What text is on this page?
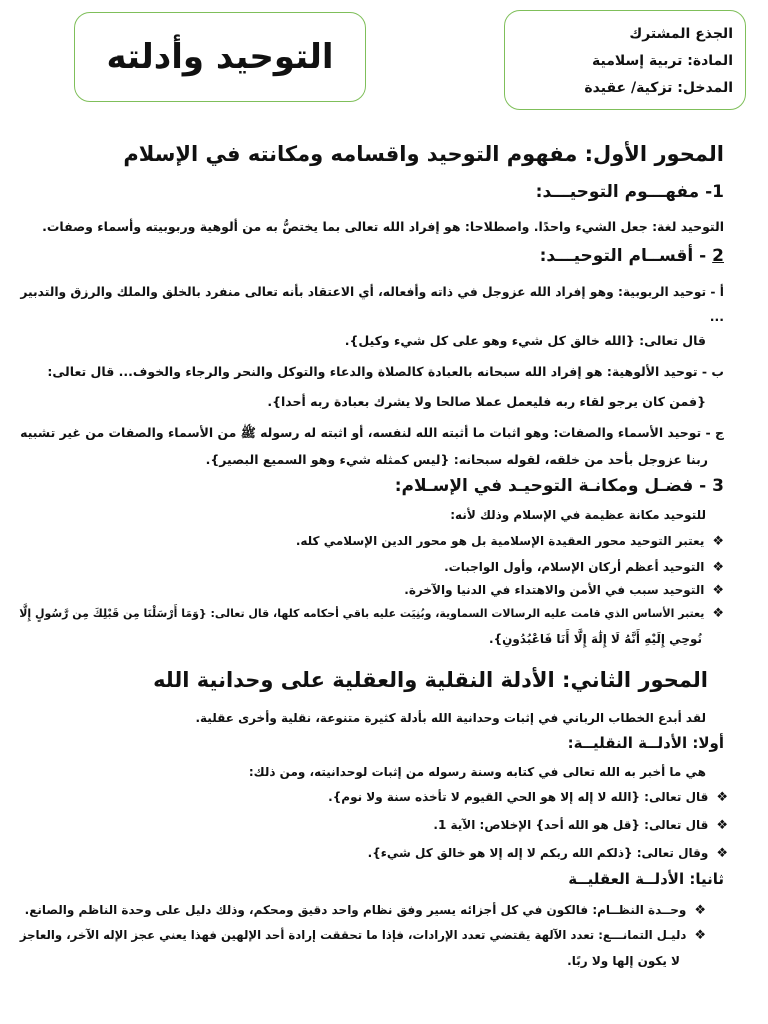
الجذع المشترك
المادة: تربية إسلامية
المدخل: تزكية/ عقيدة
التوحيد وأدلته
المحور الأول: مفهوم التوحيد واقسامه ومكانته في الإسلام
1- مفهـــوم التوحيـــد:
التوحيد لغة: جعل الشيء واحدًا. واصطلاحا: هو إفراد الله تعالى بما يختصُّ به من ألوهية وربوبيته وأسماء وصفات.
2 - أقســام التوحيـــد:
أ - توحيد الربوبية: وهو إفراد الله عزوجل في ذاته وأفعاله، أي الاعتقاد بأنه تعالى منفرد بالخلق والملك والرزق والتدبير
...
قال تعالى: {الله خالق كل شيء وهو على كل شيء وكيل}.
ب - توحيد الألوهية: هو إفراد الله سبحانه بالعبادة كالصلاة والدعاء والتوكل والنحر والرجاء والخوف... قال تعالى:
{فمن كان يرجو لقاء ربه فليعمل عملا صالحا ولا يشرك بعبادة ربه أحدا}.
ج - توحيد الأسماء والصفات: وهو اثبات ما أثبته الله لنفسه، أو اثبته له رسوله ﷺ من الأسماء والصفات من غير تشبيه
ربنا عزوجل بأحد من خلقه، لقوله سبحانه: {ليس كمثله شيء وهو السميع البصير}.
3 - فضـل ومكانـة التوحيـد في الإسـلام:
للتوحيد مكانة عظيمة في الإسلام وذلك لأنه:
❖يعتبر التوحيد محور العقيدة الإسلامية بل هو محور الدين الإسلامي كله.
❖التوحيد أعظم أركان الإسلام، وأول الواجبات.
❖التوحيد سبب في الأمن والاهتداء في الدنيا والآخرة.
❖يعتبر الأساس الذي قامت عليه الرسالات السماوية، وبُنِيَت عليه باقي أحكامه كلها، قال تعالى: {وَمَا أَرْسَلْنَا مِن قَبْلِكَ مِن رَّسُولٍ إِلَّا
نُوحِي إِلَيْهِ أَنَّهُ لَا إِلَٰهَ إِلَّا أَنَا فَاعْبُدُونِ}.
المحور الثاني: الأدلة النقلية والعقلية على وحدانية الله
لقد أبدع الخطاب الرباني في إثبات وحدانية الله بأدلة كثيرة متنوعة، نقلية وأخرى عقلية.
أولا: الأدلــة النقليــة:
هي ما أخبر به الله تعالى في كتابه وسنة رسوله من إثبات لوحدانيته، ومن ذلك:
❖قال تعالى: {الله لا إله إلا هو الحي القيوم لا تأخذه سنة ولا نوم}.
❖قال تعالى: {قل هو الله أحد} الإخلاص: الآية 1.
❖وقال تعالى: {ذلكم الله ربكم لا إله إلا هو خالق كل شيء}.
ثانيا: الأدلــة العقليــة
❖وحــدة النظــام: فالكون في كل أجزائه يسير وفق نظام واحد دقيق ومحكم، وذلك دليل على وحدة الناظم والصانع.
❖دليـل التمانـــع: تعدد الآلهة يقتضي تعدد الإرادات، فإذا ما تحققت إرادة أحد الإلهين فهذا يعني عجز الإله الآخر، والعاجز
لا يكون إلها ولا ربًا.
